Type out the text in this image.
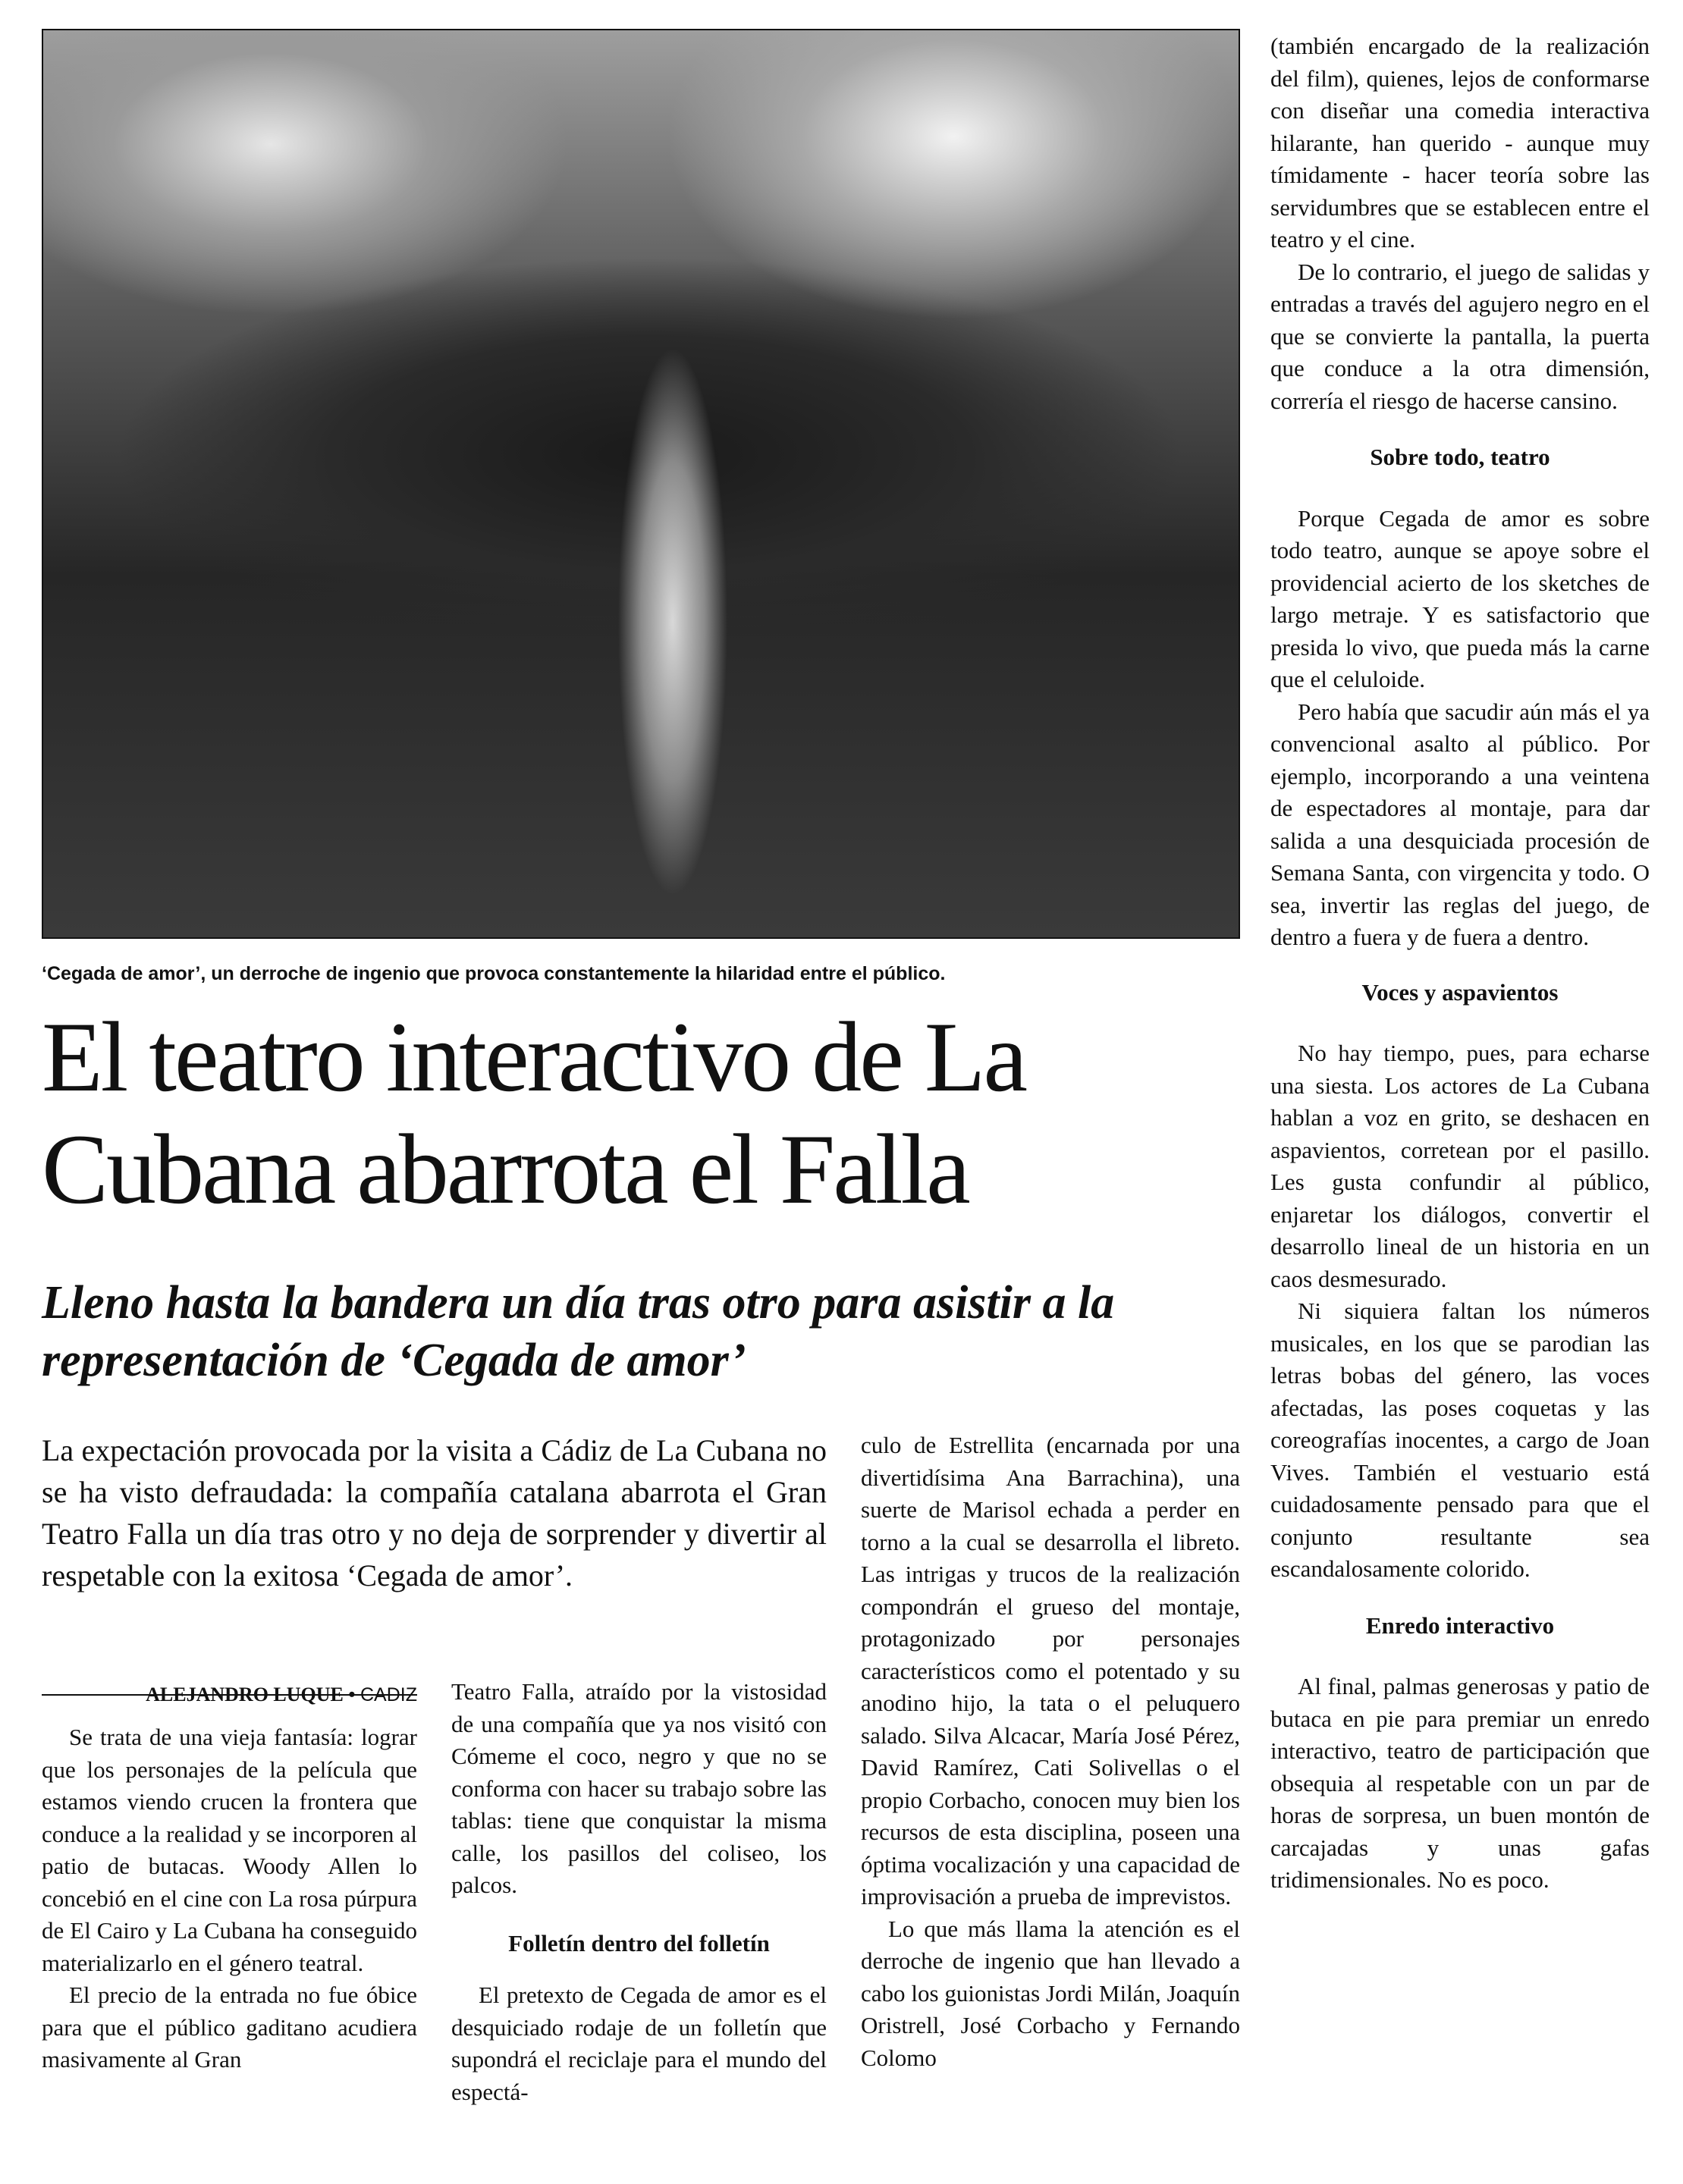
‘Cegada de amor’, un derroche de ingenio que provoca constantemente la hilaridad entre el público.
El teatro interactivo de La Cubana abarrota el Falla
Lleno hasta la bandera un día tras otro para asistir a la representación de ‘Cegada de amor’

La expectación provocada por la visita a Cádiz de La Cubana no se ha visto defraudada: la compañía catalana abarrota el Gran Teatro Falla un día tras otro y no deja de sorprender y divertir al respetable con la exitosa ‘Cegada de amor’.

ALEJANDRO LUQUE • CADIZ

Se trata de una vieja fantasía: lograr que los personajes de la película que estamos viendo crucen la frontera que conduce a la realidad y se incorporen al patio de butacas. Woody Allen lo concebió en el cine con La rosa púrpura de El Cairo y La Cubana ha conseguido materializarlo en el género teatral.

El precio de la entrada no fue óbice para que el público gaditano acudiera masivamente al Gran

Teatro Falla, atraído por la vistosidad de una compañía que ya nos visitó con Cómeme el coco, negro y que no se conforma con hacer su trabajo sobre las tablas: tiene que conquistar la misma calle, los pasillos del coliseo, los palcos.

Folletín dentro del folletín

El pretexto de Cegada de amor es el desquiciado rodaje de un folletín que supondrá el reciclaje para el mundo del espectá-

culo de Estrellita (encarnada por una divertidísima Ana Barrachina), una suerte de Marisol echada a perder en torno a la cual se desarrolla el libreto. Las intrigas y trucos de la realización compondrán el grueso del montaje, protagonizado por personajes característicos como el potentado y su anodino hijo, la tata o el peluquero salado. Silva Alcacar, María José Pérez, David Ramírez, Cati Solivellas o el propio Corbacho, conocen muy bien los recursos de esta disciplina, poseen una óptima vocalización y una capacidad de improvisación a prueba de imprevistos.

Lo que más llama la atención es el derroche de ingenio que han llevado a cabo los guionistas Jordi Milán, Joaquín Oristrell, José Corbacho y Fernando Colomo

(también encargado de la realización del film), quienes, lejos de conformarse con diseñar una comedia interactiva hilarante, han querido - aunque muy tímidamente - hacer teoría sobre las servidumbres que se establecen entre el teatro y el cine.

De lo contrario, el juego de salidas y entradas a través del agujero negro en el que se convierte la pantalla, la puerta que conduce a la otra dimensión, correría el riesgo de hacerse cansino.

Sobre todo, teatro

Porque Cegada de amor es sobre todo teatro, aunque se apoye sobre el providencial acierto de los sketches de largo metraje. Y es satisfactorio que presida lo vivo, que pueda más la carne que el celuloide.

Pero había que sacudir aún más el ya convencional asalto al público. Por ejemplo, incorporando a una veintena de espectadores al montaje, para dar salida a una desquiciada procesión de Semana Santa, con virgencita y todo. O sea, invertir las reglas del juego, de dentro a fuera y de fuera a dentro.

Voces y aspavientos

No hay tiempo, pues, para echarse una siesta. Los actores de La Cubana hablan a voz en grito, se deshacen en aspavientos, corretean por el pasillo. Les gusta confundir al público, enjaretar los diálogos, convertir el desarrollo lineal de un historia en un caos desmesurado.

Ni siquiera faltan los números musicales, en los que se parodian las letras bobas del género, las voces afectadas, las poses coquetas y las coreografías inocentes, a cargo de Joan Vives. También el vestuario está cuidadosamente pensado para que el conjunto resultante sea escandalosamente colorido.

Enredo interactivo

Al final, palmas generosas y patio de butaca en pie para premiar un enredo interactivo, teatro de participación que obsequia al respetable con un par de horas de sorpresa, un buen montón de carcajadas y unas gafas tridimensionales. No es poco.
